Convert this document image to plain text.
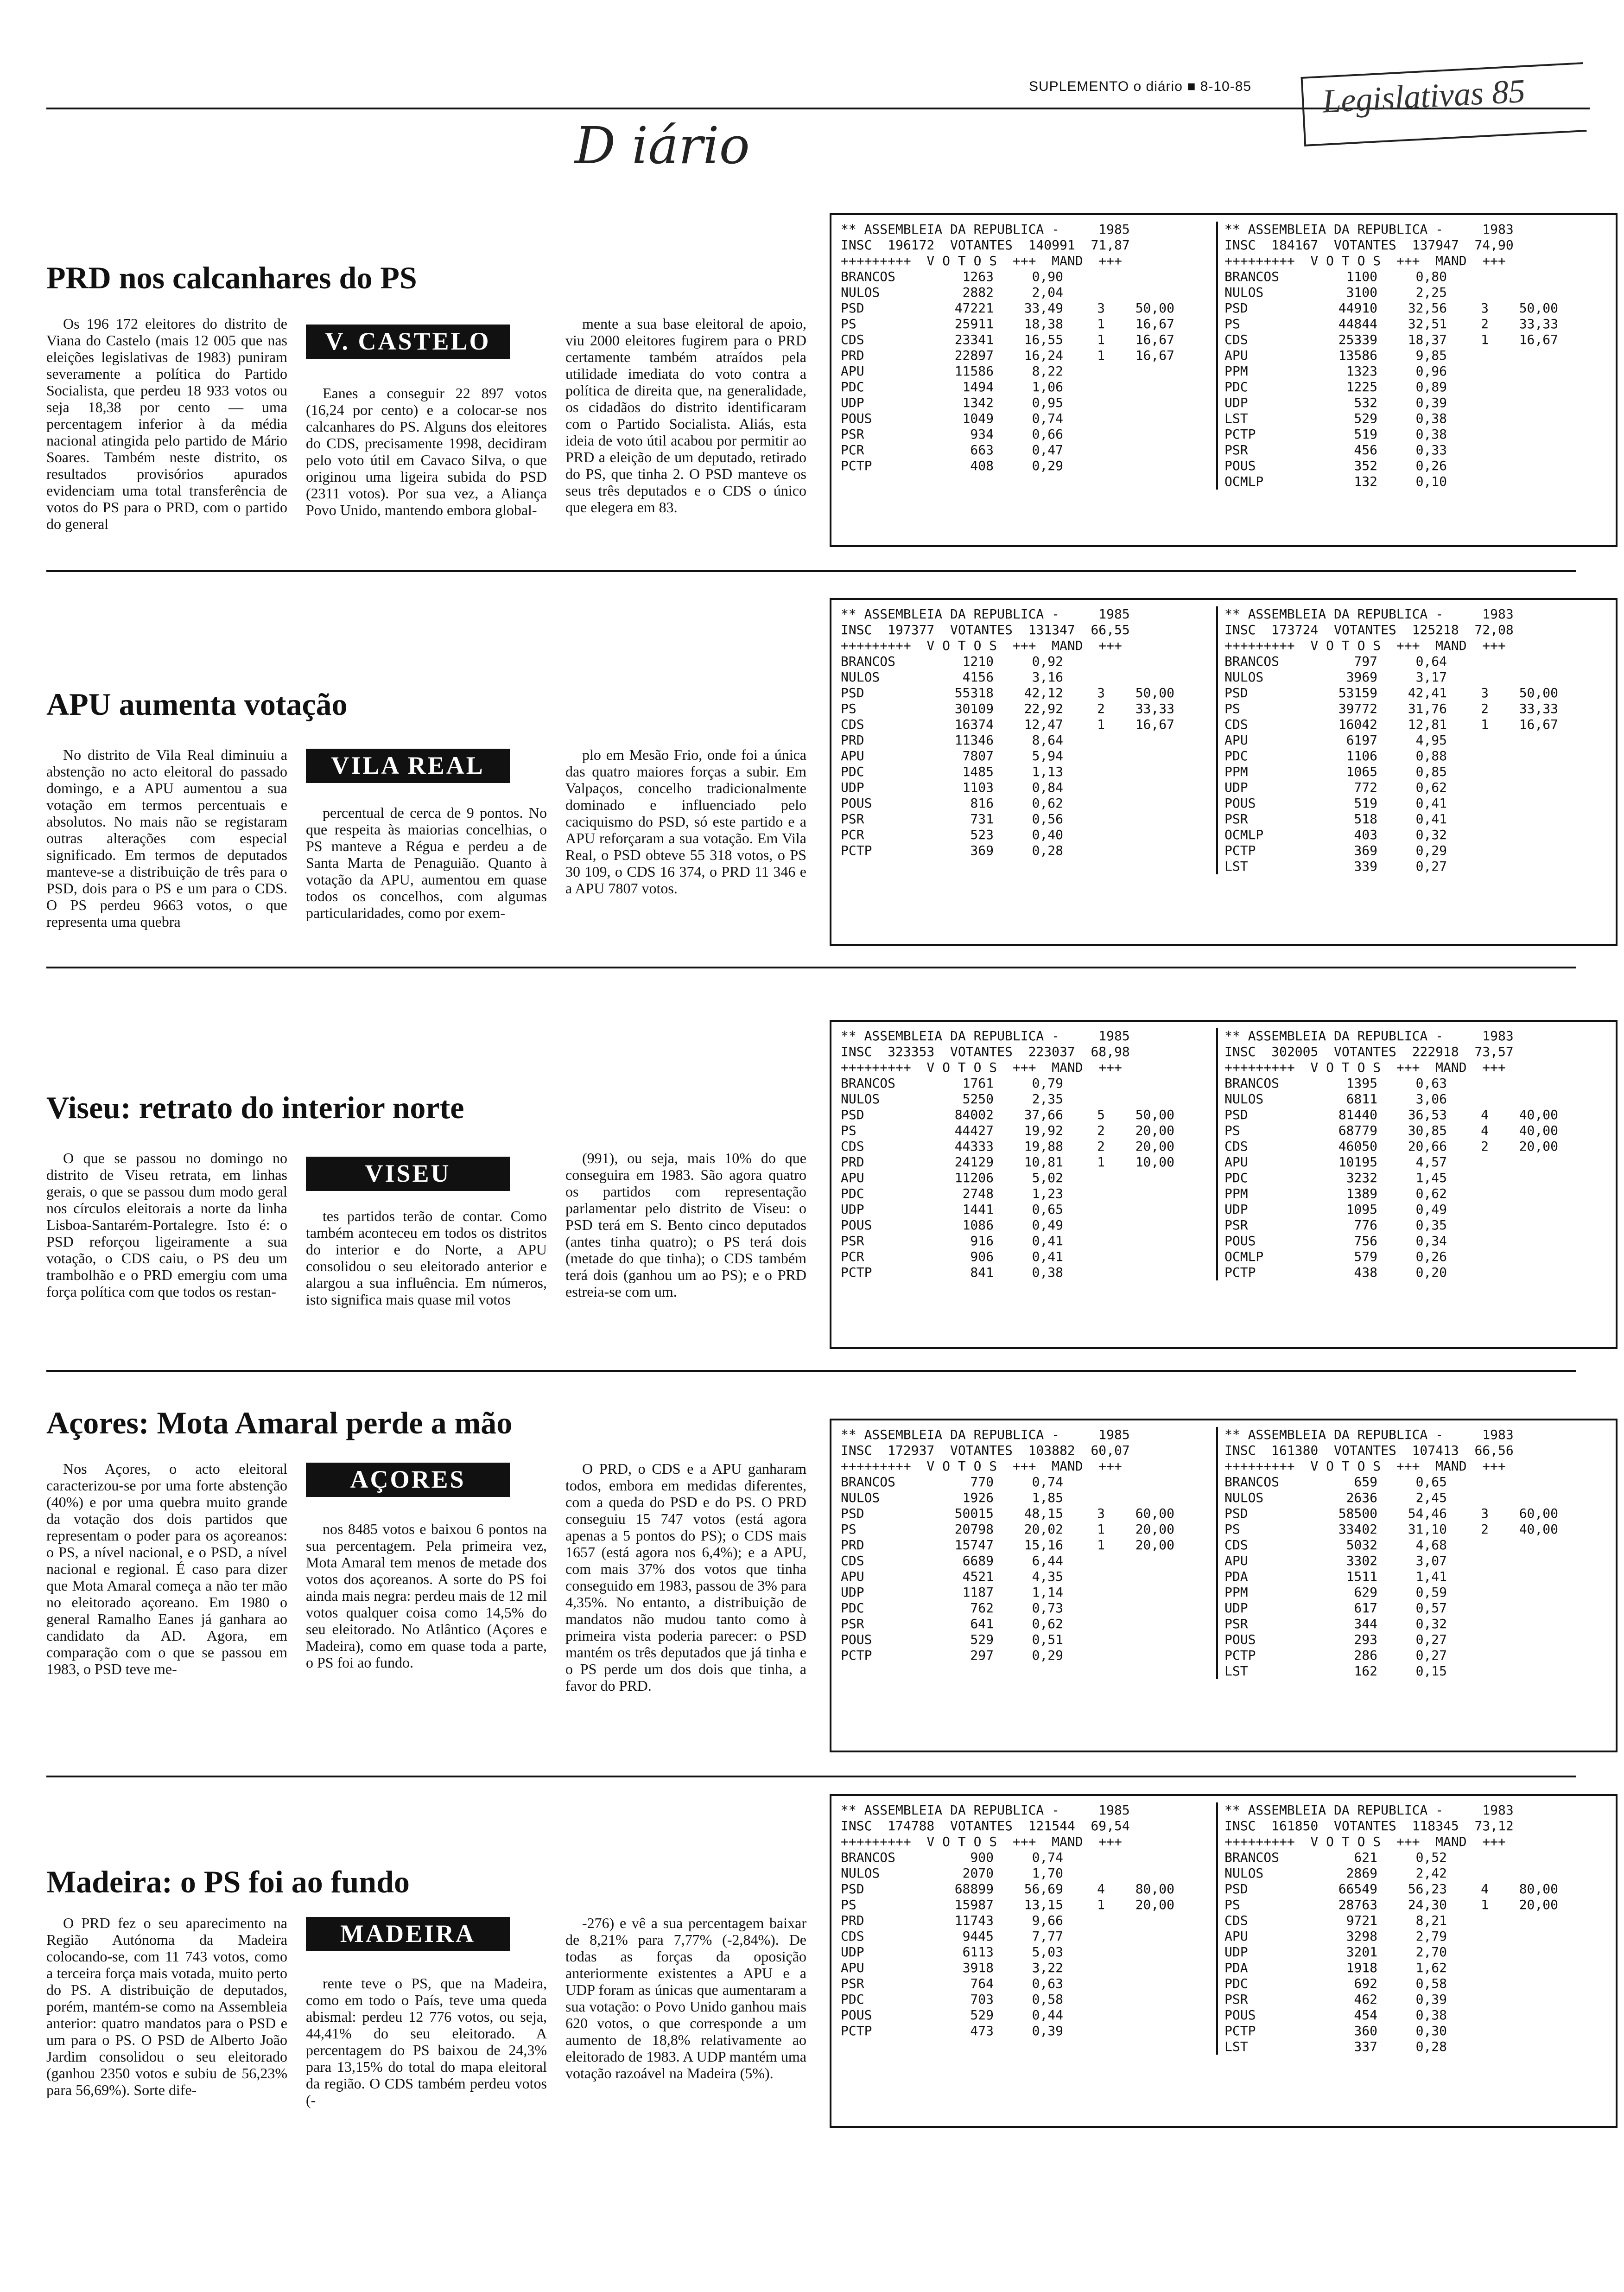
SUPLEMENTO o diário ■ 8-10-85	Legislativas 85
D iário
PRD nos calcanhares do PS

Os 196 172 eleitores do distrito de Viana do Castelo (mais 12 005 que nas eleições legislativas de 1983) puniram severamente a política do Partido Socialista, que perdeu 18 933 votos ou seja 18,38 por cento — uma percentagem inferior à da média nacional atingida pelo partido de Mário Soares. Também neste distrito, os resultados provisórios apurados evidenciam uma total transferência de votos do PS para o PRD, com o partido do general

V. CASTELO

Eanes a conseguir 22 897 votos (16,24 por cento) e a colocar-se nos calcanhares do PS. Alguns dos eleitores do CDS, precisamente 1998, decidiram pelo voto útil em Cavaco Silva, o que originou uma ligeira subida do PSD (2311 votos). Por sua vez, a Aliança Povo Unido, mantendo embora global-

mente a sua base eleitoral de apoio, viu 2000 eleitores fugirem para o PRD certamente também atraídos pela utilidade imediata do voto contra a política de direita que, na generalidade, os cidadãos do distrito identificaram com o Partido Socialista. Aliás, esta ideia de voto útil acabou por permitir ao PRD a eleição de um deputado, retirado do PS, que tinha 2. O PSD manteve os seus três deputados e o CDS o único que elegera em 83.

** ASSEMBLEIA DA REPUBLICA -     1985
INSC  196172  VOTANTES  140991  71,87
+++++++++  V O T O S  +++  MAND  +++
BRANCOS	1263	0,90
NULOS	2882	2,04
PSD	47221	33,49	3	50,00
PS	25911	18,38	1	16,67
CDS	23341	16,55	1	16,67
PRD	22897	16,24	1	16,67
APU	11586	8,22
PDC	1494	1,06
UDP	1342	0,95
POUS	1049	0,74
PSR	934	0,66
PCR	663	0,47
PCTP	408	0,29
** ASSEMBLEIA DA REPUBLICA -     1983
INSC  184167  VOTANTES  137947  74,90
+++++++++  V O T O S  +++  MAND  +++
BRANCOS	1100	0,80
NULOS	3100	2,25
PSD	44910	32,56	3	50,00
PS	44844	32,51	2	33,33
CDS	25339	18,37	1	16,67
APU	13586	9,85
PPM	1323	0,96
PDC	1225	0,89
UDP	532	0,39
LST	529	0,38
PCTP	519	0,38
PSR	456	0,33
POUS	352	0,26
OCMLP	132	0,10
APU aumenta votação

No distrito de Vila Real diminuiu a abstenção no acto eleitoral do passado domingo, e a APU aumentou a sua votação em termos percentuais e absolutos. No mais não se registaram outras alterações com especial significado. Em termos de deputados manteve-se a distribuição de três para o PSD, dois para o PS e um para o CDS. O PS perdeu 9663 votos, o que representa uma quebra

VILA REAL

percentual de cerca de 9 pontos. No que respeita às maiorias concelhias, o PS manteve a Régua e perdeu a de Santa Marta de Penaguião. Quanto à votação da APU, aumentou em quase todos os concelhos, com algumas particularidades, como por exem-

plo em Mesão Frio, onde foi a única das quatro maiores forças a subir. Em Valpaços, concelho tradicionalmente dominado e influenciado pelo caciquismo do PSD, só este partido e a APU reforçaram a sua votação. Em Vila Real, o PSD obteve 55 318 votos, o PS 30 109, o CDS 16 374, o PRD 11 346 e a APU 7807 votos.

** ASSEMBLEIA DA REPUBLICA -     1985
INSC  197377  VOTANTES  131347  66,55
+++++++++  V O T O S  +++  MAND  +++
BRANCOS	1210	0,92
NULOS	4156	3,16
PSD	55318	42,12	3	50,00
PS	30109	22,92	2	33,33
CDS	16374	12,47	1	16,67
PRD	11346	8,64
APU	7807	5,94
PDC	1485	1,13
UDP	1103	0,84
POUS	816	0,62
PSR	731	0,56
PCR	523	0,40
PCTP	369	0,28
** ASSEMBLEIA DA REPUBLICA -     1983
INSC  173724  VOTANTES  125218  72,08
+++++++++  V O T O S  +++  MAND  +++
BRANCOS	797	0,64
NULOS	3969	3,17
PSD	53159	42,41	3	50,00
PS	39772	31,76	2	33,33
CDS	16042	12,81	1	16,67
APU	6197	4,95
PDC	1106	0,88
PPM	1065	0,85
UDP	772	0,62
POUS	519	0,41
PSR	518	0,41
OCMLP	403	0,32
PCTP	369	0,29
LST	339	0,27
Viseu: retrato do interior norte

O que se passou no domingo no distrito de Viseu retrata, em linhas gerais, o que se passou dum modo geral nos círculos eleitorais a norte da linha Lisboa-Santarém-Portalegre. Isto é: o PSD reforçou ligeiramente a sua votação, o CDS caiu, o PS deu um trambolhão e o PRD emergiu com uma força política com que todos os restan-

VISEU

tes partidos terão de contar. Como também aconteceu em todos os distritos do interior e do Norte, a APU consolidou o seu eleitorado anterior e alargou a sua influência. Em números, isto significa mais quase mil votos

(991), ou seja, mais 10% do que conseguira em 1983. São agora quatro os partidos com representação parlamentar pelo distrito de Viseu: o PSD terá em S. Bento cinco deputados (antes tinha quatro); o PS terá dois (metade do que tinha); o CDS também terá dois (ganhou um ao PS); e o PRD estreia-se com um.

** ASSEMBLEIA DA REPUBLICA -     1985
INSC  323353  VOTANTES  223037  68,98
+++++++++  V O T O S  +++  MAND  +++
BRANCOS	1761	0,79
NULOS	5250	2,35
PSD	84002	37,66	5	50,00
PS	44427	19,92	2	20,00
CDS	44333	19,88	2	20,00
PRD	24129	10,81	1	10,00
APU	11206	5,02
PDC	2748	1,23
UDP	1441	0,65
POUS	1086	0,49
PSR	916	0,41
PCR	906	0,41
PCTP	841	0,38
** ASSEMBLEIA DA REPUBLICA -     1983
INSC  302005  VOTANTES  222918  73,57
+++++++++  V O T O S  +++  MAND  +++
BRANCOS	1395	0,63
NULOS	6811	3,06
PSD	81440	36,53	4	40,00
PS	68779	30,85	4	40,00
CDS	46050	20,66	2	20,00
APU	10195	4,57
PDC	3232	1,45
PPM	1389	0,62
UDP	1095	0,49
PSR	776	0,35
POUS	756	0,34
OCMLP	579	0,26
PCTP	438	0,20
Açores: Mota Amaral perde a mão

Nos Açores, o acto eleitoral caracterizou-se por uma forte abstenção (40%) e por uma quebra muito grande da votação dos dois partidos que representam o poder para os açoreanos: o PS, a nível nacional, e o PSD, a nível nacional e regional. É caso para dizer que Mota Amaral começa a não ter mão no eleitorado açoreano. Em 1980 o general Ramalho Eanes já ganhara ao candidato da AD. Agora, em comparação com o que se passou em 1983, o PSD teve me-

AÇORES

nos 8485 votos e baixou 6 pontos na sua percentagem. Pela primeira vez, Mota Amaral tem menos de metade dos votos dos açoreanos. A sorte do PS foi ainda mais negra: perdeu mais de 12 mil votos qualquer coisa como 14,5% do seu eleitorado. No Atlântico (Açores e Madeira), como em quase toda a parte, o PS foi ao fundo.

O PRD, o CDS e a APU ganharam todos, embora em medidas diferentes, com a queda do PSD e do PS. O PRD conseguiu 15 747 votos (está agora apenas a 5 pontos do PS); o CDS mais 1657 (está agora nos 6,4%); e a APU, com mais 37% dos votos que tinha conseguido em 1983, passou de 3% para 4,35%. No entanto, a distribuição de mandatos não mudou tanto como à primeira vista poderia parecer: o PSD mantém os três deputados que já tinha e o PS perde um dos dois que tinha, a favor do PRD.

** ASSEMBLEIA DA REPUBLICA -     1985
INSC  172937  VOTANTES  103882  60,07
+++++++++  V O T O S  +++  MAND  +++
BRANCOS	770	0,74
NULOS	1926	1,85
PSD	50015	48,15	3	60,00
PS	20798	20,02	1	20,00
PRD	15747	15,16	1	20,00
CDS	6689	6,44
APU	4521	4,35
UDP	1187	1,14
PDC	762	0,73
PSR	641	0,62
POUS	529	0,51
PCTP	297	0,29
** ASSEMBLEIA DA REPUBLICA -     1983
INSC  161380  VOTANTES  107413  66,56
+++++++++  V O T O S  +++  MAND  +++
BRANCOS	659	0,65
NULOS	2636	2,45
PSD	58500	54,46	3	60,00
PS	33402	31,10	2	40,00
CDS	5032	4,68
APU	3302	3,07
PDA	1511	1,41
PPM	629	0,59
UDP	617	0,57
PSR	344	0,32
POUS	293	0,27
PCTP	286	0,27
LST	162	0,15
Madeira: o PS foi ao fundo

O PRD fez o seu aparecimento na Região Autónoma da Madeira colocando-se, com 11 743 votos, como a terceira força mais votada, muito perto do PS. A distribuição de deputados, porém, mantém-se como na Assembleia anterior: quatro mandatos para o PSD e um para o PS. O PSD de Alberto João Jardim consolidou o seu eleitorado (ganhou 2350 votos e subiu de 56,23% para 56,69%). Sorte dife-

MADEIRA

rente teve o PS, que na Madeira, como em todo o País, teve uma queda abismal: perdeu 12 776 votos, ou seja, 44,41% do seu eleitorado. A percentagem do PS baixou de 24,3% para 13,15% do total do mapa eleitoral da região. O CDS também perdeu votos (-

-276) e vê a sua percentagem baixar de 8,21% para 7,77% (-2,84%). De todas as forças da oposição anteriormente existentes a APU e a UDP foram as únicas que aumentaram a sua votação: o Povo Unido ganhou mais 620 votos, o que corresponde a um aumento de 18,8% relativamente ao eleitorado de 1983. A UDP mantém uma votação razoável na Madeira (5%).

** ASSEMBLEIA DA REPUBLICA -     1985
INSC  174788  VOTANTES  121544  69,54
+++++++++  V O T O S  +++  MAND  +++
BRANCOS	900	0,74
NULOS	2070	1,70
PSD	68899	56,69	4	80,00
PS	15987	13,15	1	20,00
PRD	11743	9,66
CDS	9445	7,77
UDP	6113	5,03
APU	3918	3,22
PSR	764	0,63
PDC	703	0,58
POUS	529	0,44
PCTP	473	0,39
** ASSEMBLEIA DA REPUBLICA -     1983
INSC  161850  VOTANTES  118345  73,12
+++++++++  V O T O S  +++  MAND  +++
BRANCOS	621	0,52
NULOS	2869	2,42
PSD	66549	56,23	4	80,00
PS	28763	24,30	1	20,00
CDS	9721	8,21
APU	3298	2,79
UDP	3201	2,70
PDA	1918	1,62
PDC	692	0,58
PSR	462	0,39
POUS	454	0,38
PCTP	360	0,30
LST	337	0,28
